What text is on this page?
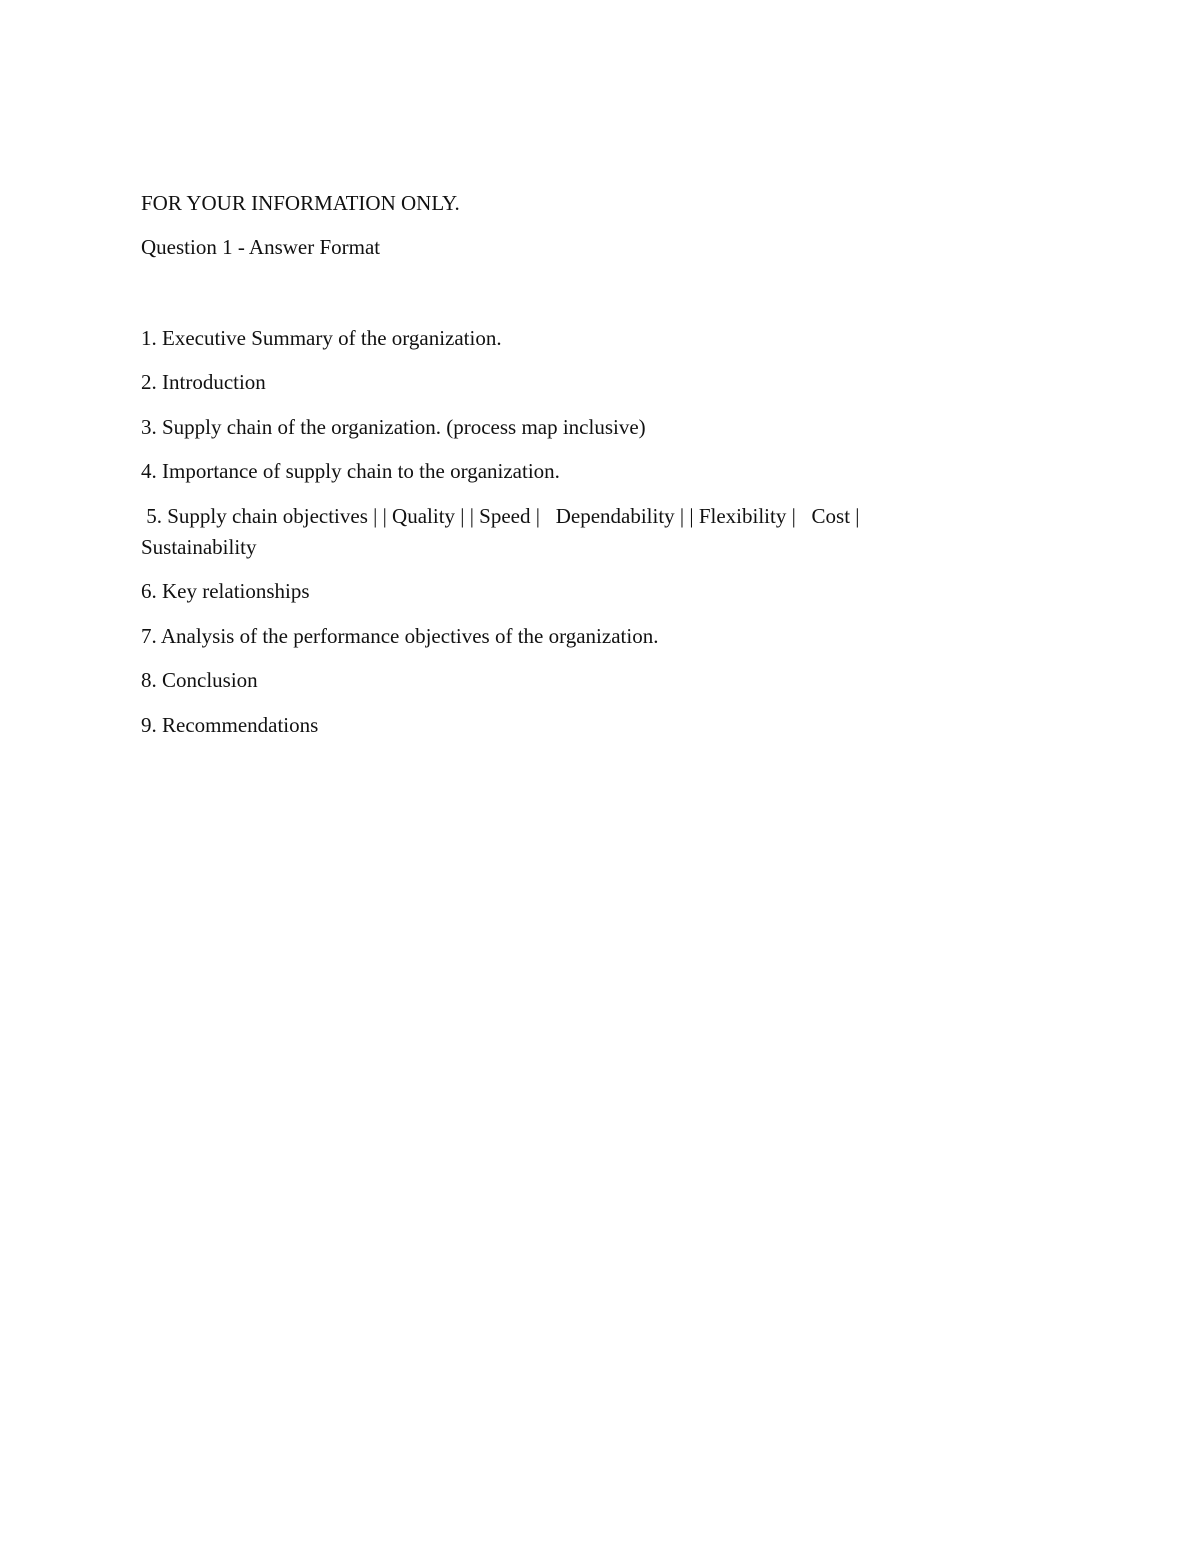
FOR YOUR INFORMATION ONLY.
Question 1 - Answer Format
1. Executive Summary of the organization.
2. Introduction
3. Supply chain of the organization. (process map inclusive)
4. Importance of supply chain to the organization.
5. Supply chain objectives | | Quality | | Speed |   Dependability | | Flexibility |   Cost |
Sustainability
6. Key relationships
7. Analysis of the performance objectives of the organization.
8. Conclusion
9. Recommendations
